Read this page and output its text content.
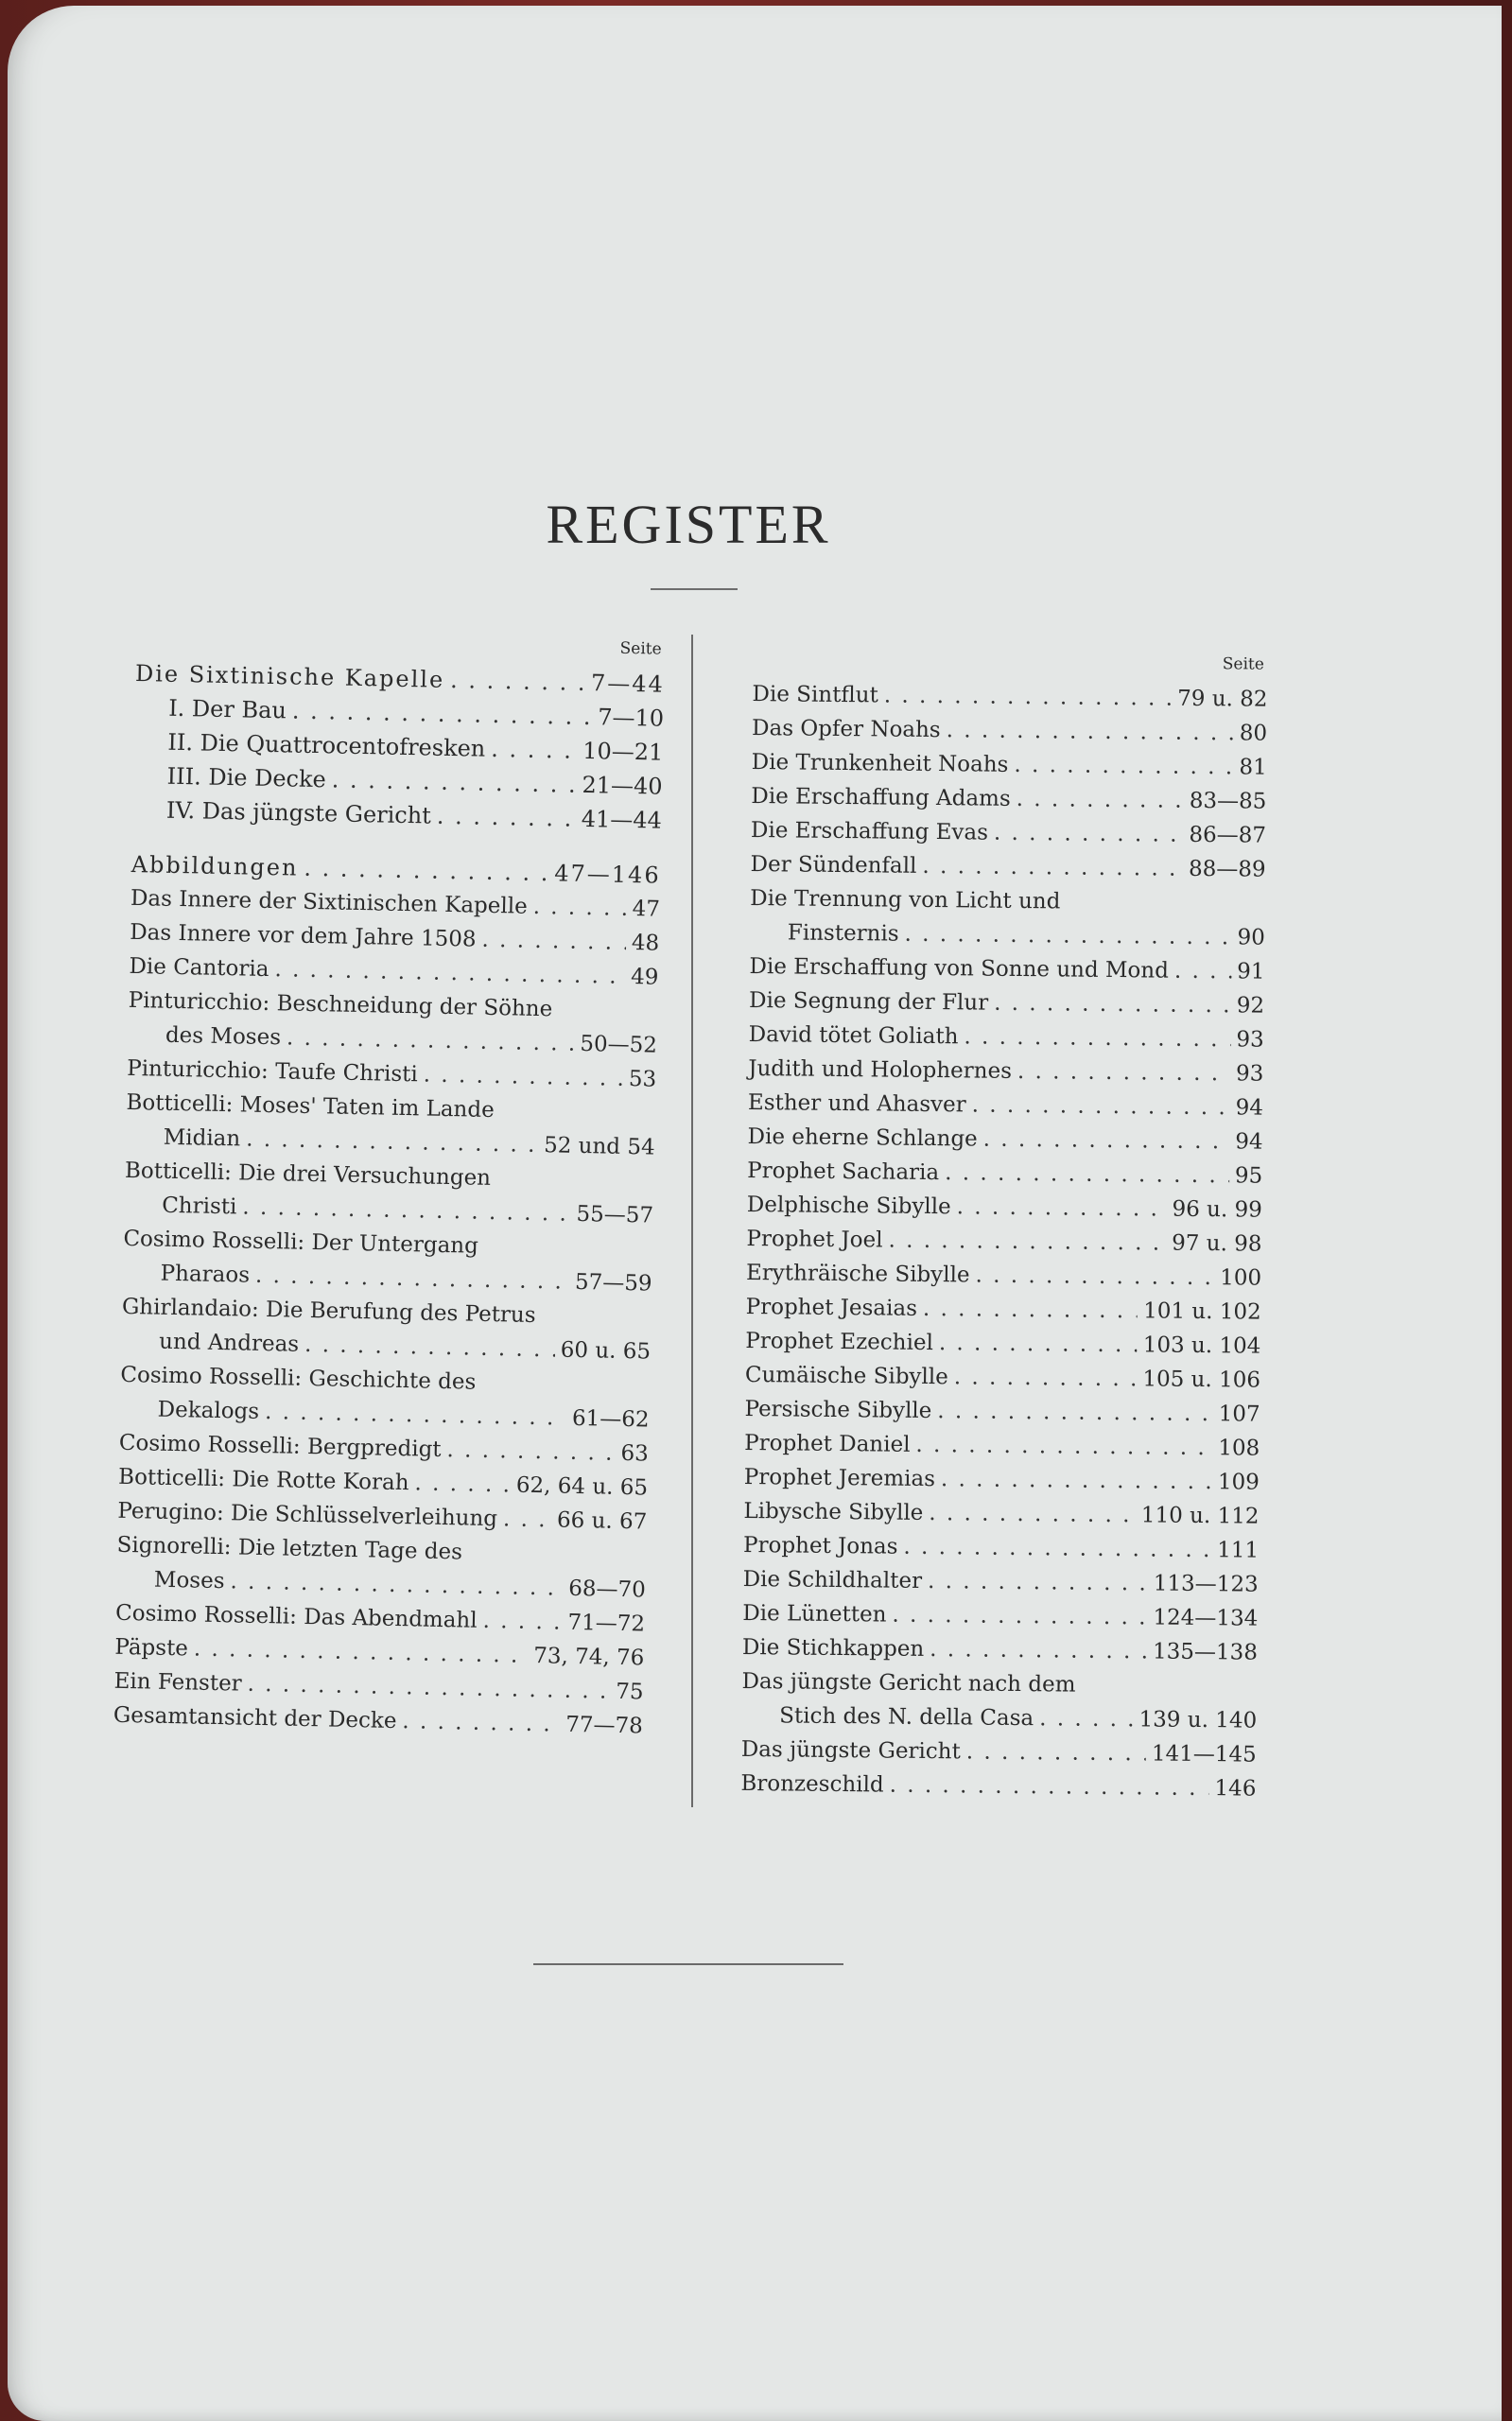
REGISTER
Seite
Die Sixtinische Kapelle . . .	7—44
I. Der Bau . . .	7—10
II. Die Quattrocentofresken . . .	10—21
III. Die Decke . . .	21—40
IV. Das jüngste Gericht . . .	41—44
Abbildungen . . .	47—146
Das Innere der Sixtinischen Kapelle . . .	47
Das Innere vor dem Jahre 1508 . . .	48
Die Cantoria . . .	49
Pinturicchio: Beschneidung der Söhne
des Moses . . .	50—52
Pinturicchio: Taufe Christi . . .	53
Botticelli: Moses' Taten im Lande
Midian . . .	52 und 54
Botticelli: Die drei Versuchungen
Christi . . .	55—57
Cosimo Rosselli: Der Untergang
Pharaos . . .	57—59
Ghirlandaio: Die Berufung des Petrus
und Andreas . . .	60 u. 65
Cosimo Rosselli: Geschichte des
Dekalogs . . .	61—62
Cosimo Rosselli: Bergpredigt . . .	63
Botticelli: Die Rotte Korah . . .	62, 64 u. 65
Perugino: Die Schlüsselverleihung . . .	66 u. 67
Signorelli: Die letzten Tage des
Moses . . .	68—70
Cosimo Rosselli: Das Abendmahl . . .	71—72
Päpste . . .	73, 74, 76
Ein Fenster . . .	75
Gesamtansicht der Decke . . .	77—78
Seite
Die Sintflut . . .	79 u. 82
Das Opfer Noahs . . .	80
Die Trunkenheit Noahs . . .	81
Die Erschaffung Adams . . .	83—85
Die Erschaffung Evas . . .	86—87
Der Sündenfall . . .	88—89
Die Trennung von Licht und
Finsternis . . .	90
Die Erschaffung von Sonne und Mond . . .	91
Die Segnung der Flur . . .	92
David tötet Goliath . . .	93
Judith und Holophernes . . .	93
Esther und Ahasver . . .	94
Die eherne Schlange . . .	94
Prophet Sacharia . . .	95
Delphische Sibylle . . .	96 u. 99
Prophet Joel . . .	97 u. 98
Erythräische Sibylle . . .	100
Prophet Jesaias . . .	101 u. 102
Prophet Ezechiel . . .	103 u. 104
Cumäische Sibylle . . .	105 u. 106
Persische Sibylle . . .	107
Prophet Daniel . . .	108
Prophet Jeremias . . .	109
Libysche Sibylle . . .	110 u. 112
Prophet Jonas . . .	111
Die Schildhalter . . .	113—123
Die Lünetten . . .	124—134
Die Stichkappen . . .	135—138
Das jüngste Gericht nach dem
Stich des N. della Casa . . .	139 u. 140
Das jüngste Gericht . . .	141—145
Bronzeschild . . .	146
